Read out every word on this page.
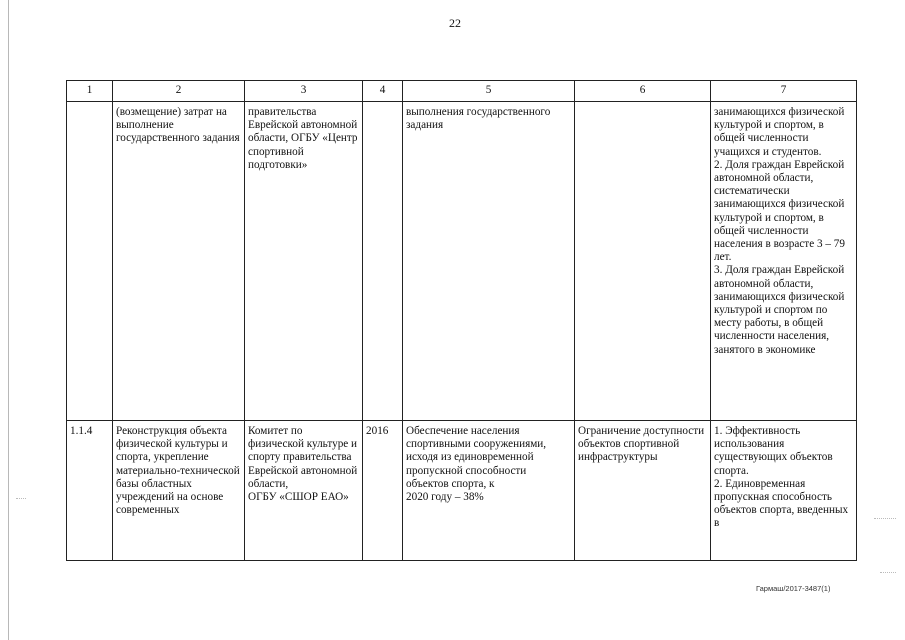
22
1	2	3	4	5	6	7
	(возмещение) затрат на выполнение государственного задания	правительства Еврейской автономной области, ОГБУ «Центр спортивной подготовки»		выполнения государственного задания		занимающихся физической культурой и спортом, в общей численности учащихся и студентов.
2. Доля граждан Еврейской автономной области, систематически занимающихся физической культурой и спортом, в общей численности населения в возрасте 3 – 79 лет.
3. Доля граждан Еврейской автономной области, занимающихся физической культурой и спортом по месту работы, в общей численности населения, занятого в экономике
1.1.4	Реконструкция объекта физической культуры и спорта, укрепление материально-технической базы областных учреждений на основе современных	Комитет по физической культуре и спорту правительства Еврейской автономной области,
ОГБУ «СШОР ЕАО»	2016	Обеспечение населения спортивными сооружениями, исходя из единовременной пропускной способности объектов спорта, к
2020 году – 38%	Ограничение доступности объектов спортивной инфраструктуры	1. Эффективность использования существующих объектов спорта.
2. Единовременная пропускная способность объектов спорта, введенных в
Гармаш/2017-3487(1)
